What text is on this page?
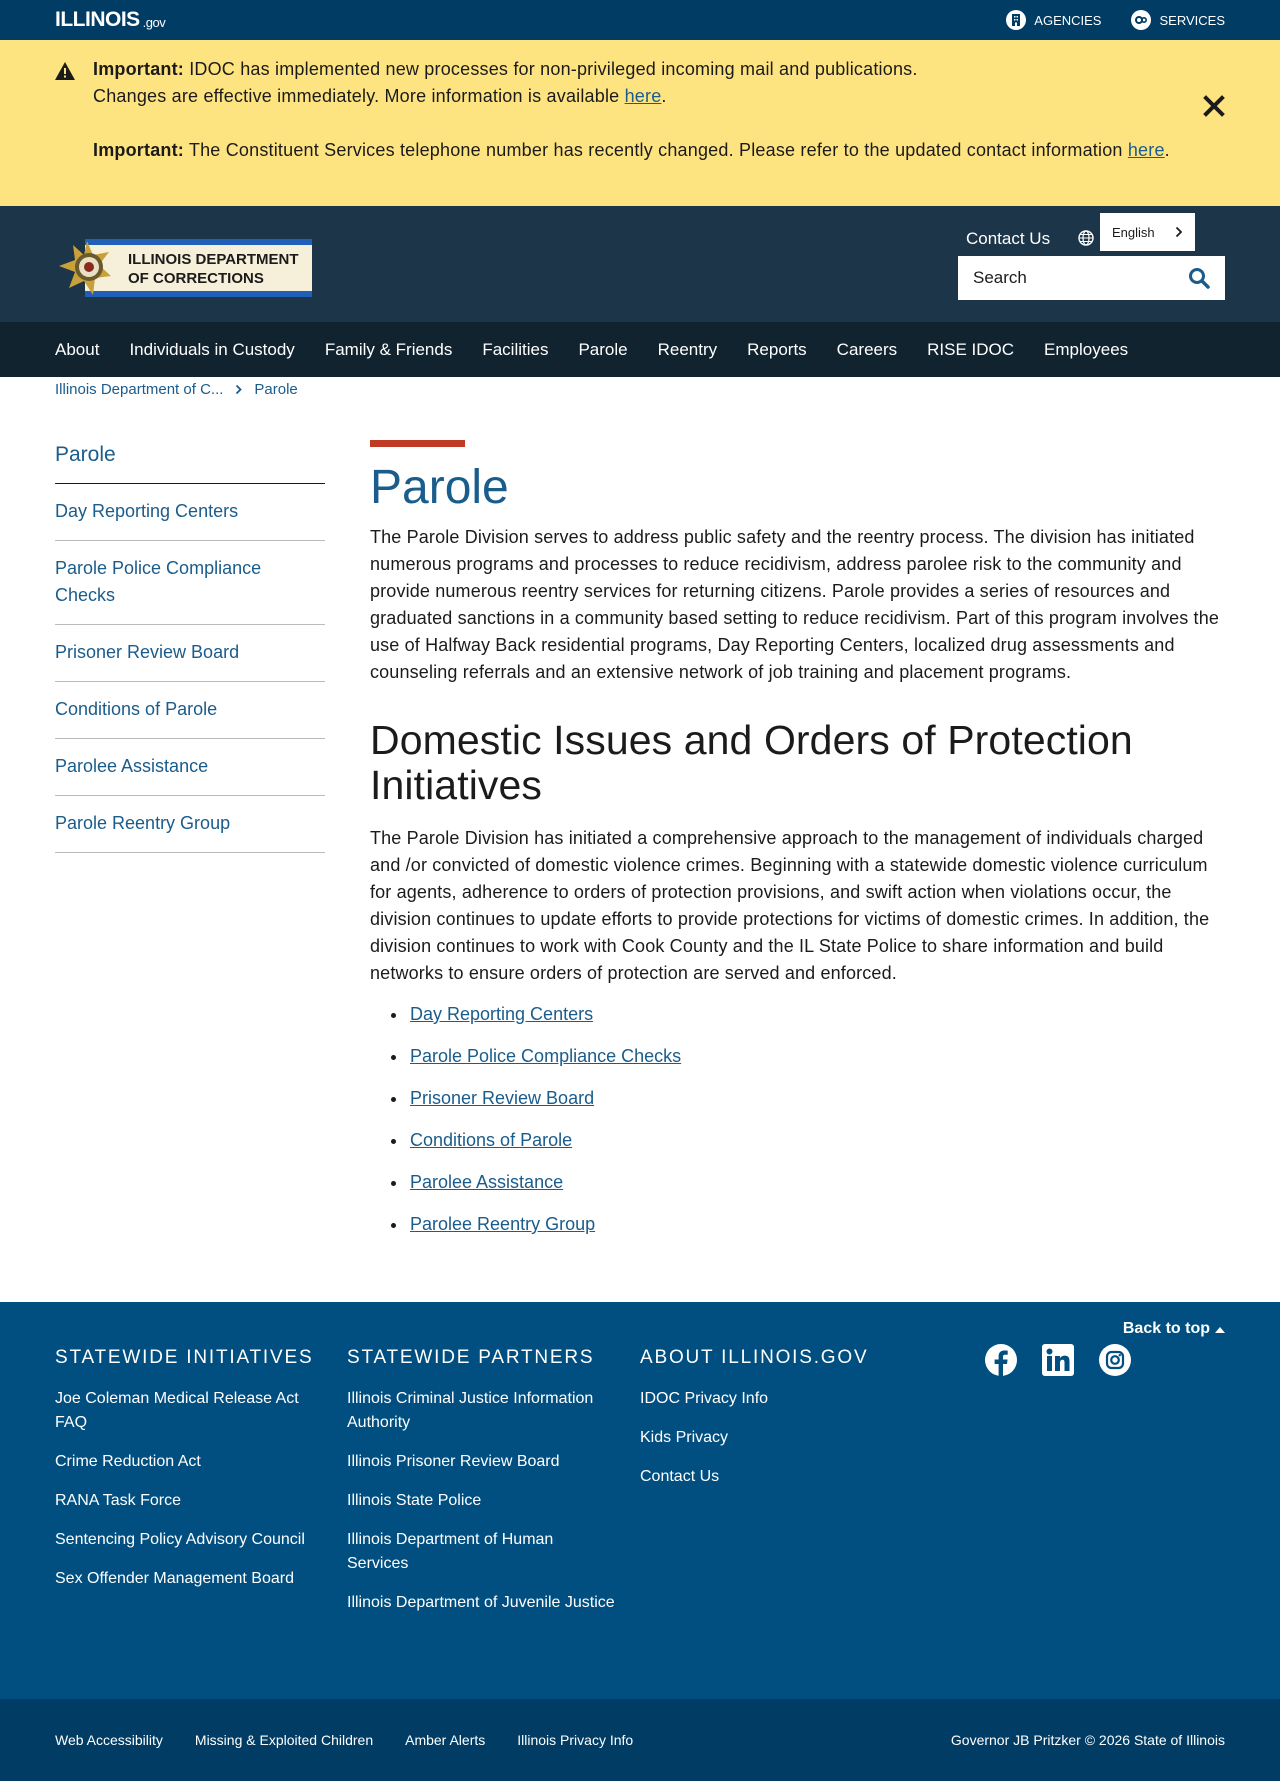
ILLINOIS .gov	AGENCIES	SERVICES

Important: IDOC has implemented new processes for non-privileged incoming mail and publications.
Changes are effective immediately. More information is available here.

Important: The Constituent Services telephone number has recently changed. Please refer to the updated contact information here.

ILLINOIS DEPARTMENT
OF CORRECTIONS
Contact Us	English
Search
About Individuals in Custody Family & Friends Facilities Parole Reentry Reports Careers RISE IDOC Employees
Illinois Department of C... Parole
Parole
Day Reporting Centers
Parole Police Compliance Checks
Prisoner Review Board
Conditions of Parole
Parolee Assistance
Parole Reentry Group
Parole

The Parole Division serves to address public safety and the reentry process. The division has initiated numerous programs and processes to reduce recidivism, address parolee risk to the community and provide numerous reentry services for returning citizens. Parole provides a series of resources and graduated sanctions in a community based setting to reduce recidivism. Part of this program involves the use of Halfway Back residential programs, Day Reporting Centers, localized drug assessments and counseling referrals and an extensive network of job training and placement programs.

Domestic Issues and Orders of Protection Initiatives

The Parole Division has initiated a comprehensive approach to the management of individuals charged and /or convicted of domestic violence crimes. Beginning with a statewide domestic violence curriculum for agents, adherence to orders of protection provisions, and swift action when violations occur, the division continues to update efforts to provide protections for victims of domestic crimes. In addition, the division continues to work with Cook County and the IL State Police to share information and build networks to ensure orders of protection are served and enforced.

Day Reporting Centers
Parole Police Compliance Checks
Prisoner Review Board
Conditions of Parole
Parolee Assistance
Parolee Reentry Group
Back to top
STATEWIDE INITIATIVES
Joe Coleman Medical Release Act FAQ
Crime Reduction Act
RANA Task Force
Sentencing Policy Advisory Council
Sex Offender Management Board
STATEWIDE PARTNERS
Illinois Criminal Justice Information Authority
Illinois Prisoner Review Board
Illinois State Police
Illinois Department of Human Services
Illinois Department of Juvenile Justice
ABOUT ILLINOIS.GOV
IDOC Privacy Info
Kids Privacy
Contact Us
Web Accessibility Missing & Exploited Children Amber Alerts Illinois Privacy Info	Governor JB Pritzker © 2026 State of Illinois
